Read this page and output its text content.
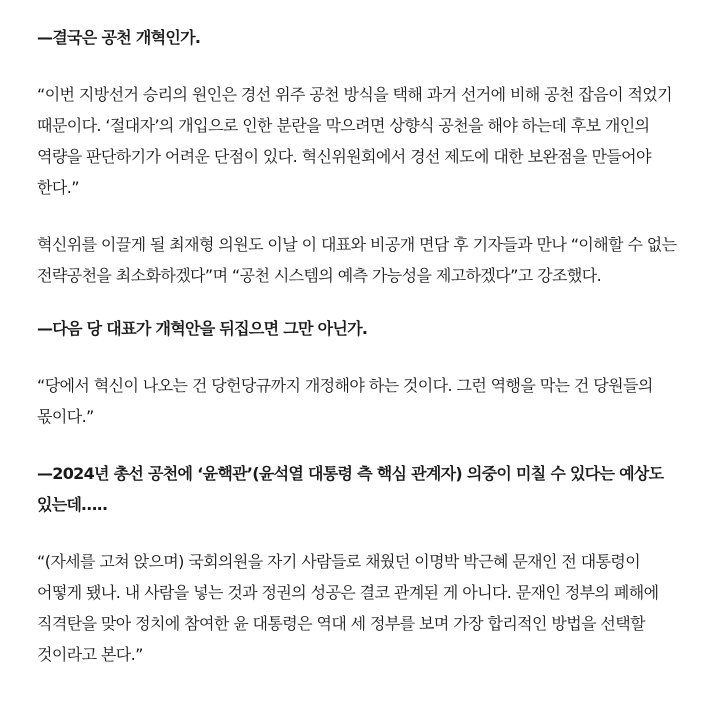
—결국은 공천 개혁인가.

“이번 지방선거 승리의 원인은 경선 위주 공천 방식을 택해 과거 선거에 비해 공천 잡음이 적었기 때문이다. ‘절대자’의 개입으로 인한 분란을 막으려면 상향식 공천을 해야 하는데 후보 개인의 역량을 판단하기가 어려운 단점이 있다. 혁신위원회에서 경선 제도에 대한 보완점을 만들어야 한다.”

혁신위를 이끌게 될 최재형 의원도 이날 이 대표와 비공개 면담 후 기자들과 만나 “이해할 수 없는 전략공천을 최소화하겠다”며 “공천 시스템의 예측 가능성을 제고하겠다”고 강조했다.

—다음 당 대표가 개혁안을 뒤집으면 그만 아닌가.

“당에서 혁신이 나오는 건 당헌당규까지 개정해야 하는 것이다. 그런 역행을 막는 건 당원들의 몫이다.”

—2024년 총선 공천에 ‘윤핵관’(윤석열 대통령 측 핵심 관계자) 의중이 미칠 수 있다는 예상도 있는데…..

“(자세를 고쳐 앉으며) 국회의원을 자기 사람들로 채웠던 이명박 박근혜 문재인 전 대통령이 어떻게 됐나. 내 사람을 넣는 것과 정권의 성공은 결코 관계된 게 아니다. 문재인 정부의 폐해에 직격탄을 맞아 정치에 참여한 윤 대통령은 역대 세 정부를 보며 가장 합리적인 방법을 선택할 것이라고 본다.”
